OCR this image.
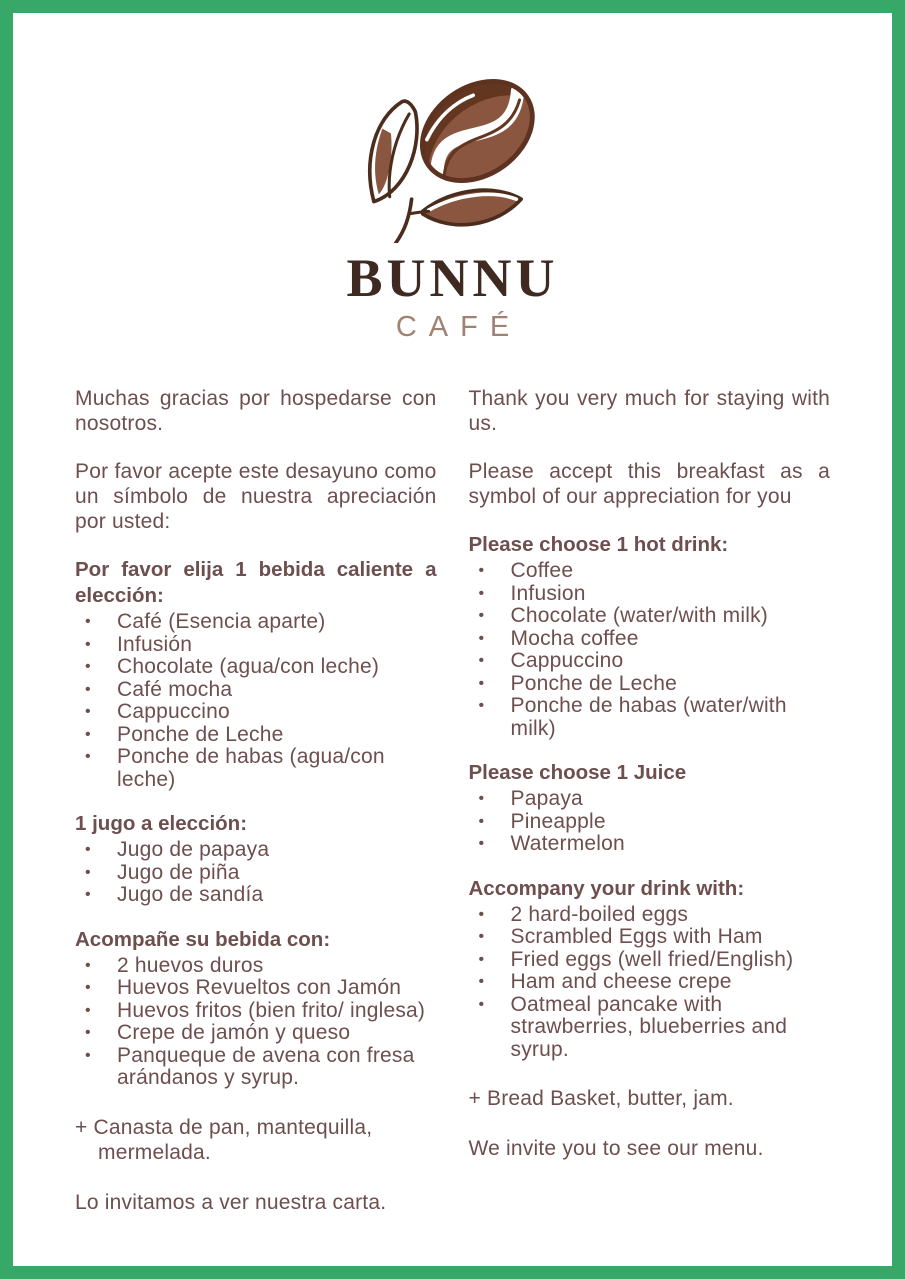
BUNNU
CAFÉ

Muchas gracias por hospedarse con nosotros.

Por favor acepte este desayuno como un símbolo de nuestra apreciación por usted:

Por favor elija 1 bebida caliente a elección:

• Café (Esencia aparte)
• Infusión
• Chocolate (agua/con leche)
• Café mocha
• Cappuccino
• Ponche de Leche
• Ponche de habas (agua/con leche)

1 jugo a elección:

• Jugo de papaya
• Jugo de piña
• Jugo de sandía

Acompañe su bebida con:

• 2 huevos duros
• Huevos Revueltos con Jamón
• Huevos fritos (bien frito/ inglesa)
• Crepe de jamón y queso
• Panqueque de avena con fresa arándanos y syrup.

+ Canasta de pan, mantequilla, mermelada.

Lo invitamos a ver nuestra carta.

Thank you very much for staying with us.

Please accept this breakfast as a symbol of our appreciation for you

Please choose 1 hot drink:

• Coffee
• Infusion
• Chocolate (water/with milk)
• Mocha coffee
• Cappuccino
• Ponche de Leche
• Ponche de habas (water/with milk)

Please choose 1 Juice

• Papaya
• Pineapple
• Watermelon

Accompany your drink with:

• 2 hard-boiled eggs
• Scrambled Eggs with Ham
• Fried eggs (well fried/English)
• Ham and cheese crepe
• Oatmeal pancake with strawberries, blueberries and syrup.

+ Bread Basket, butter, jam.

We invite you to see our menu.
